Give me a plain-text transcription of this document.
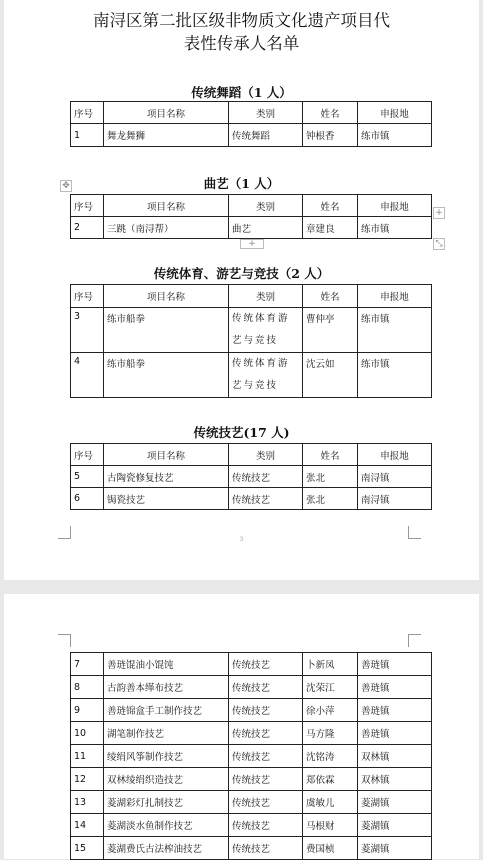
南浔区第二批区级非物质文化遗产项目代
表性传承人名单
传统舞蹈（1 人）
序号	项目名称	类别	姓名	申报地
1	舞龙舞狮	传统舞蹈	钟根香	练市镇
✥	曲艺（1 人）
序号	项目名称	类别	姓名	申报地
2	三跳（南浔帮）	曲艺	章建良	练市镇
+
+	⤡
传统体育、游艺与竞技（2 人）
序号	项目名称	类别	姓名	申报地
3	练市船拳	传统体育游艺与竞技	曹仲亭	练市镇
4	练市船拳	传统体育游艺与竞技	沈云如	练市镇
传统技艺(17 人)
序号	项目名称	类别	姓名	申报地
5	古陶瓷修复技艺	传统技艺	张北	南浔镇
6	锔瓷技艺	传统技艺	张北	南浔镇
3
7	善琏馄油小馄饨	传统技艺	卜新凤	善琏镇
8	古韵善本缂布技艺	传统技艺	沈荣江	善琏镇
9	善琏锦盒手工制作技艺	传统技艺	徐小萍	善琏镇
10	湖笔制作技艺	传统技艺	马方隆	善琏镇
11	绫绢风筝制作技艺	传统技艺	沈铭涛	双林镇
12	双林绫绢织造技艺	传统技艺	郑依霖	双林镇
13	菱湖彩灯扎制技艺	传统技艺	虞敏儿	菱湖镇
14	菱湖淡水鱼制作技艺	传统技艺	马根财	菱湖镇
15	菱湖费氏古法榨油技艺	传统技艺	费国桢	菱湖镇
